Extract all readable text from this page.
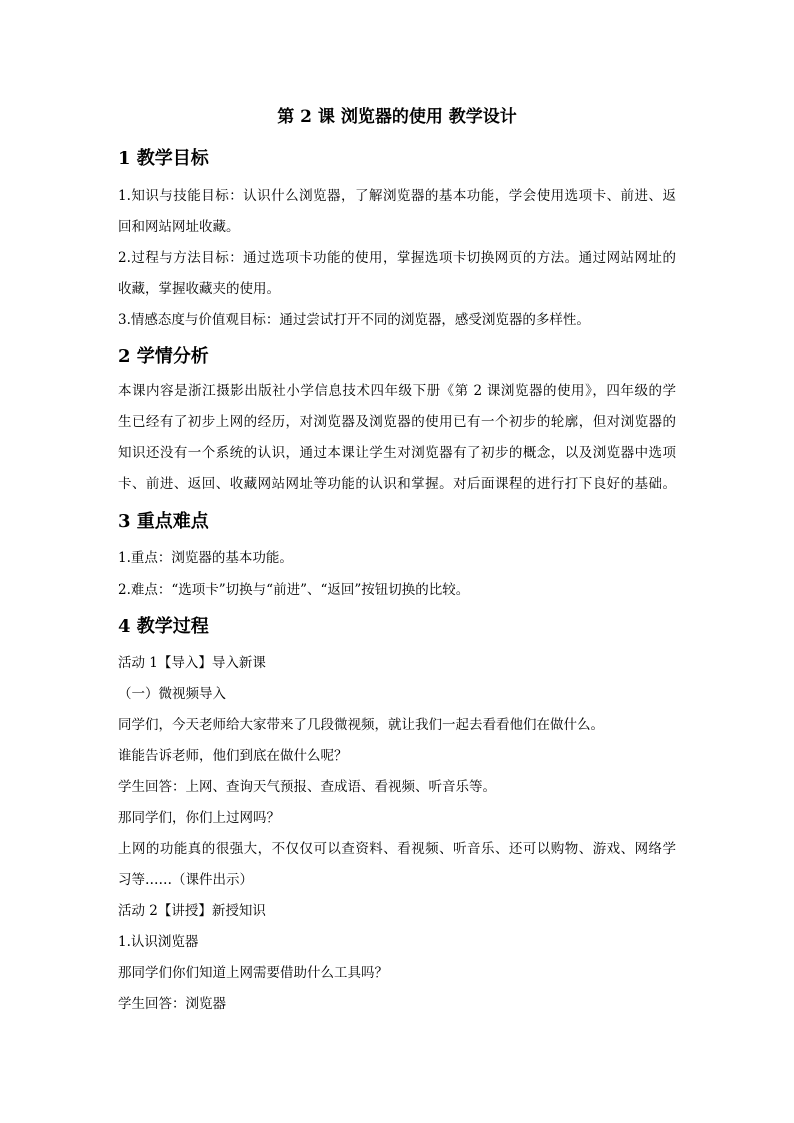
第 2 课 浏览器的使用 教学设计
1 教学目标
1.知识与技能目标：认识什么浏览器，了解浏览器的基本功能，学会使用选项卡、前进、返
回和网站网址收藏。
2.过程与方法目标：通过选项卡功能的使用，掌握选项卡切换网页的方法。通过网站网址的
收藏，掌握收藏夹的使用。
3.情感态度与价值观目标：通过尝试打开不同的浏览器，感受浏览器的多样性。
2 学情分析
本课内容是浙江摄影出版社小学信息技术四年级下册《第 2 课浏览器的使用》，四年级的学
生已经有了初步上网的经历，对浏览器及浏览器的使用已有一个初步的轮廓，但对浏览器的
知识还没有一个系统的认识，通过本课让学生对浏览器有了初步的概念，以及浏览器中选项
卡、前进、返回、收藏网站网址等功能的认识和掌握。对后面课程的进行打下良好的基础。
3 重点难点
1.重点：浏览器的基本功能。
2.难点：“选项卡”切换与“前进”、“返回”按钮切换的比较。
4 教学过程
活动 1【导入】导入新课
（一）微视频导入
同学们，今天老师给大家带来了几段微视频，就让我们一起去看看他们在做什么。
谁能告诉老师，他们到底在做什么呢？
学生回答：上网、查询天气预报、查成语、看视频、听音乐等。
那同学们，你们上过网吗？
上网的功能真的很强大，不仅仅可以查资料、看视频、听音乐、还可以购物、游戏、网络学
习等……（课件出示）
活动 2【讲授】新授知识
1.认识浏览器
那同学们你们知道上网需要借助什么工具吗？
学生回答：浏览器
